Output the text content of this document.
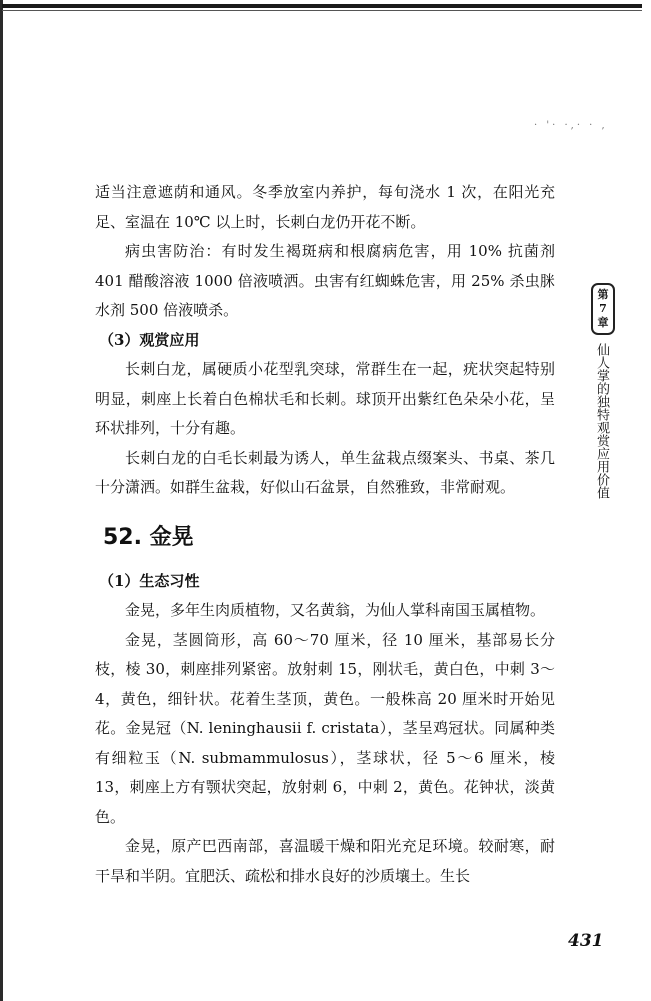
· '· ·,· · ,

适当注意遮荫和通风。冬季放室内养护，每旬浇水 1 次，在阳光充足、室温在 10℃ 以上时，长刺白龙仍开花不断。

病虫害防治：有时发生褐斑病和根腐病危害，用 10% 抗菌剂 401 醋酸溶液 1000 倍液喷洒。虫害有红蜘蛛危害，用 25% 杀虫脒水剂 500 倍液喷杀。

（3）观赏应用

长刺白龙，属硬质小花型乳突球，常群生在一起，疣状突起特别明显，刺座上长着白色棉状毛和长刺。球顶开出紫红色朵朵小花，呈环状排列，十分有趣。

长刺白龙的白毛长刺最为诱人，单生盆栽点缀案头、书桌、茶几十分潇洒。如群生盆栽，好似山石盆景，自然雅致，非常耐观。

52. 金晃

（1）生态习性

金晃，多年生肉质植物，又名黄翁，为仙人掌科南国玉属植物。

金晃，茎圆筒形，高 60～70 厘米，径 10 厘米，基部易长分枝，棱 30，刺座排列紧密。放射刺 15，刚状毛，黄白色，中刺 3～4，黄色，细针状。花着生茎顶，黄色。一般株高 20 厘米时开始见花。金晃冠（N. leninghausii f. cristata），茎呈鸡冠状。同属种类有细粒玉（N. submammulosus），茎球状，径 5～6 厘米，棱 13，刺座上方有颚状突起，放射刺 6，中刺 2，黄色。花钟状，淡黄色。

金晃，原产巴西南部，喜温暖干燥和阳光充足环境。较耐寒，耐干旱和半阴。宜肥沃、疏松和排水良好的沙质壤土。生长

第7章
仙人掌的独特观赏应用价值
431
